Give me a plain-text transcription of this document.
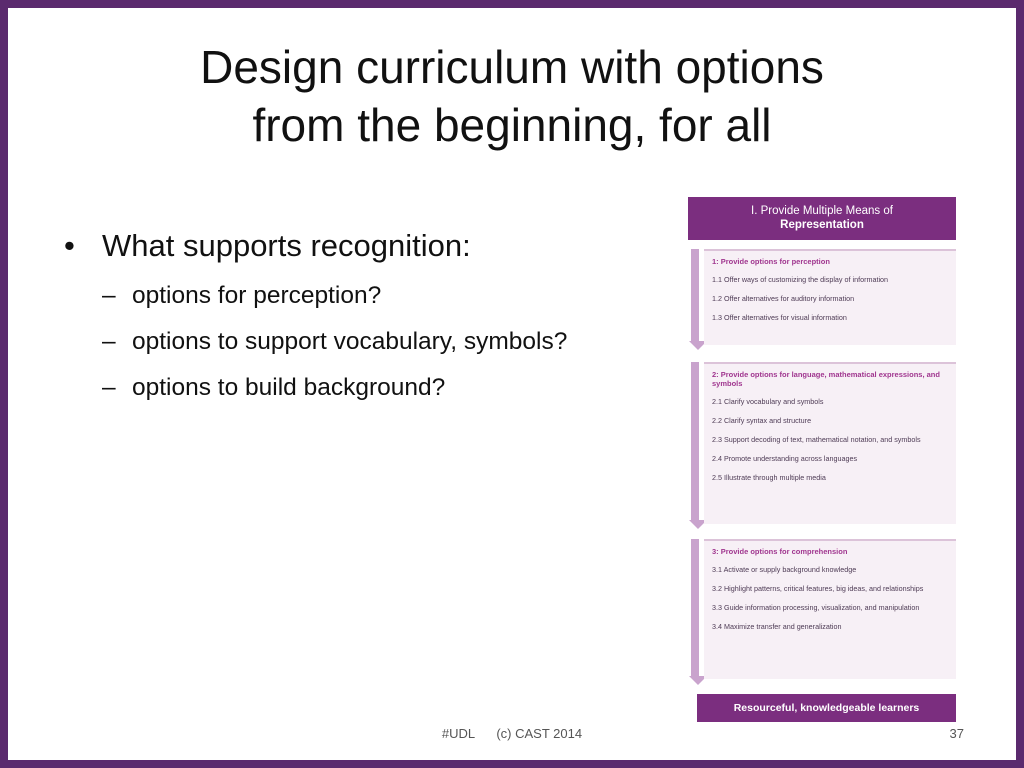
Design curriculum with options
from the beginning, for all
• What supports recognition:
– options for perception?
– options to support vocabulary, symbols?
– options to build background?
I. Provide Multiple Means of
Representation
1: Provide options for perception
1.1 Offer ways of customizing the display of information
1.2 Offer alternatives for auditory information
1.3 Offer alternatives for visual information
2: Provide options for language, mathematical expressions, and symbols
2.1 Clarify vocabulary and symbols
2.2 Clarify syntax and structure
2.3 Support decoding of text, mathematical notation, and symbols
2.4 Promote understanding across languages
2.5 Illustrate through multiple media
3: Provide options for comprehension
3.1 Activate or supply background knowledge
3.2 Highlight patterns, critical features, big ideas, and relationships
3.3 Guide information processing, visualization, and manipulation
3.4 Maximize transfer and generalization
Resourceful, knowledgeable learners
#UDL (c) CAST 2014	37
